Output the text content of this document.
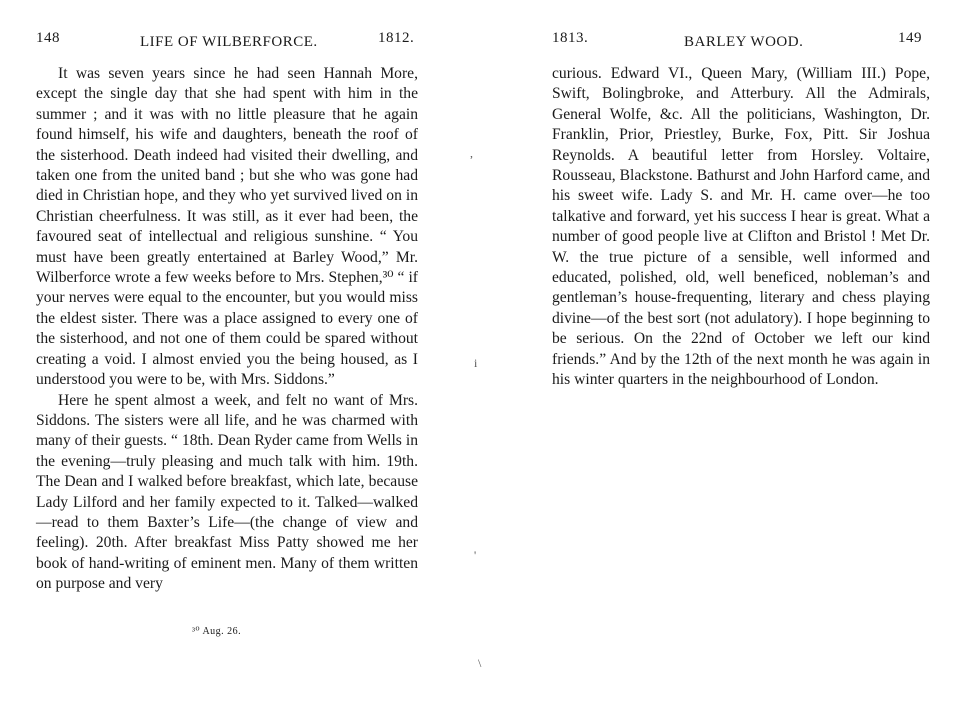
148	LIFE OF WILBERFORCE.	1812.

It was seven years since he had seen Hannah More, except the single day that she had spent with him in the summer ; and it was with no little pleasure that he again found himself, his wife and daughters, beneath the roof of the sisterhood. Death indeed had visited their dwelling, and taken one from the united band ; but she who was gone had died in Christian hope, and they who yet survived lived on in Christian cheerfulness. It was still, as it ever had been, the favoured seat of intellectual and religious sunshine. “ You must have been greatly entertained at Barley Wood,” Mr. Wilberforce wrote a few weeks before to Mrs. Stephen,³⁰ “ if your nerves were equal to the encounter, but you would miss the eldest sister. There was a place assigned to every one of the sisterhood, and not one of them could be spared without creating a void. I almost envied you the being housed, as I understood you were to be, with Mrs. Siddons.”

Here he spent almost a week, and felt no want of Mrs. Siddons. The sisters were all life, and he was charmed with many of their guests. “ 18th. Dean Ryder came from Wells in the evening—truly pleasing and much talk with him. 19th. The Dean and I walked before breakfast, which late, because Lady Lilford and her family expected to it. Talked—walked—read to them Baxter’s Life—(the change of view and feeling). 20th. After breakfast Miss Patty showed me her book of hand-writing of eminent men. Many of them written on purpose and very

³⁰ Aug. 26.
,
i
'
\
1813.	BARLEY WOOD.	149

curious. Edward VI., Queen Mary, (William III.) Pope, Swift, Bolingbroke, and Atterbury. All the Admirals, General Wolfe, &c. All the politicians, Washington, Dr. Franklin, Prior, Priestley, Burke, Fox, Pitt. Sir Joshua Reynolds. A beautiful letter from Horsley. Voltaire, Rousseau, Blackstone. Bathurst and John Harford came, and his sweet wife. Lady S. and Mr. H. came over—he too talkative and forward, yet his success I hear is great. What a number of good people live at Clifton and Bristol ! Met Dr. W. the true picture of a sensible, well informed and educated, polished, old, well beneficed, nobleman’s and gentleman’s house-frequenting, literary and chess playing divine—of the best sort (not adulatory). I hope beginning to be serious. On the 22nd of October we left our kind friends.” And by the 12th of the next month he was again in his winter quarters in the neighbourhood of London.
